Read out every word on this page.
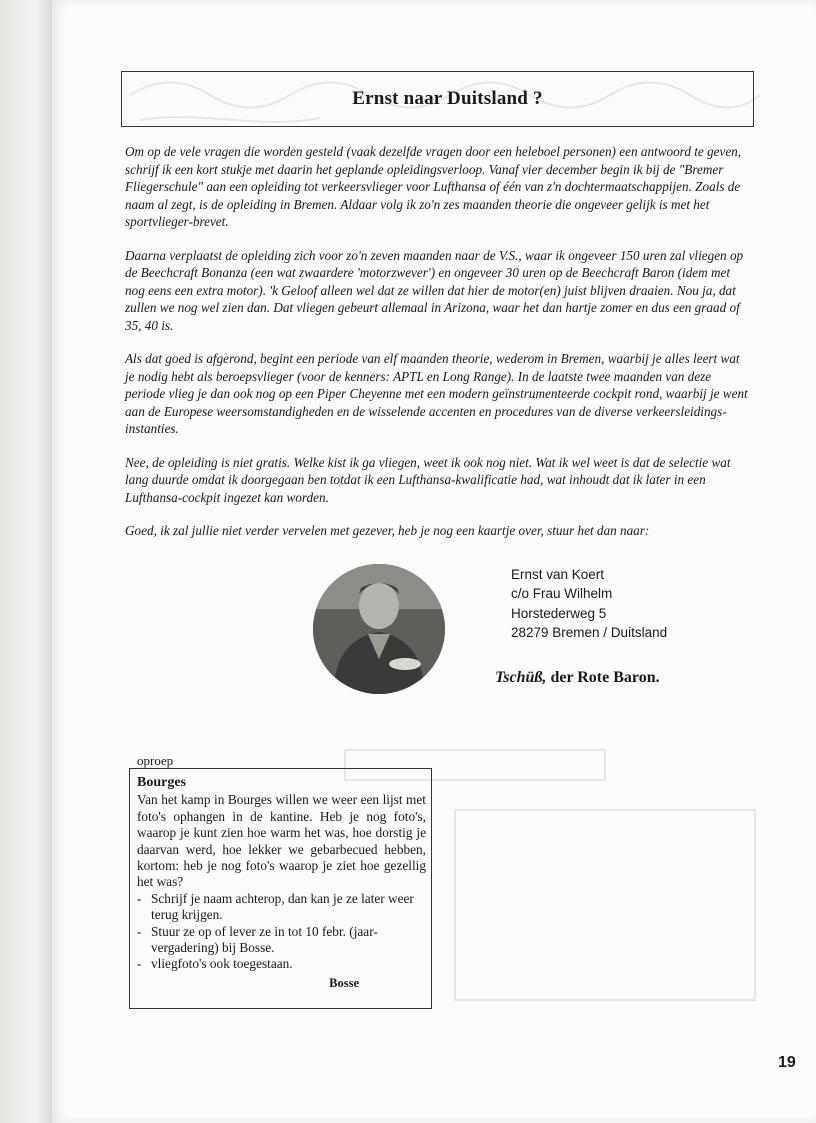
Ernst naar Duitsland ?

Om op de vele vragen die worden gesteld (vaak dezelfde vragen door een heleboel personen) een antwoord te geven, schrijf ik een kort stukje met daarin het geplande opleidingsverloop. Vanaf vier december begin ik bij de "Bremer Fliegerschule" aan een opleiding tot verkeersvlieger voor Lufthansa of één van z'n dochtermaatschappijen. Zoals de naam al zegt, is de opleiding in Bremen. Aldaar volg ik zo'n zes maanden theorie die ongeveer gelijk is met het sportvlieger-brevet.

Daarna verplaatst de opleiding zich voor zo'n zeven maanden naar de V.S., waar ik ongeveer 150 uren zal vliegen op de Beechcraft Bonanza (een wat zwaardere 'motorzwever') en ongeveer 30 uren op de Beechcraft Baron (idem met nog eens een extra motor). 'k Geloof alleen wel dat ze willen dat hier de motor(en) juist blijven draaien. Nou ja, dat zullen we nog wel zien dan. Dat vliegen gebeurt allemaal in Arizona, waar het dan hartje zomer en dus een graad of 35, 40 is.

Als dat goed is afgerond, begint een periode van elf maanden theorie, wederom in Bremen, waarbij je alles leert wat je nodig hebt als beroepsvlieger (voor de kenners: APTL en Long Range). In de laatste twee maanden van deze periode vlieg je dan ook nog op een Piper Cheyenne met een modern geïnstrumenteerde cockpit rond, waarbij je went aan de Europese weersomstandigheden en de wisselende accenten en procedures van de diverse verkeersleidings-instanties.

Nee, de opleiding is niet gratis. Welke kist ik ga vliegen, weet ik ook nog niet. Wat ik wel weet is dat de selectie wat lang duurde omdat ik doorgegaan ben totdat ik een Lufthansa-kwalificatie had, wat inhoudt dat ik later in een Lufthansa-cockpit ingezet kan worden.

Goed, ik zal jullie niet verder vervelen met gezever, heb je nog een kaartje over, stuur het dan naar:

Ernst van Koert
c/o Frau Wilhelm
Horstederweg 5
28279 Bremen / Duitsland
Tschüß, der Rote Baron.
oproep
Bourges
Van het kamp in Bourges willen we weer een lijst met foto's ophangen in de kantine. Heb je nog foto's, waarop je kunt zien hoe warm het was, hoe dorstig je daarvan werd, hoe lekker we gebarbecued hebben, kortom: heb je nog foto's waarop je ziet hoe gezellig het was?
- Schrijf je naam achterop, dan kan je ze later weer terug krijgen.
- Stuur ze op of lever ze in tot 10 febr. (jaar-vergadering) bij Bosse.
- vliegfoto's ook toegestaan.
Bosse
19
